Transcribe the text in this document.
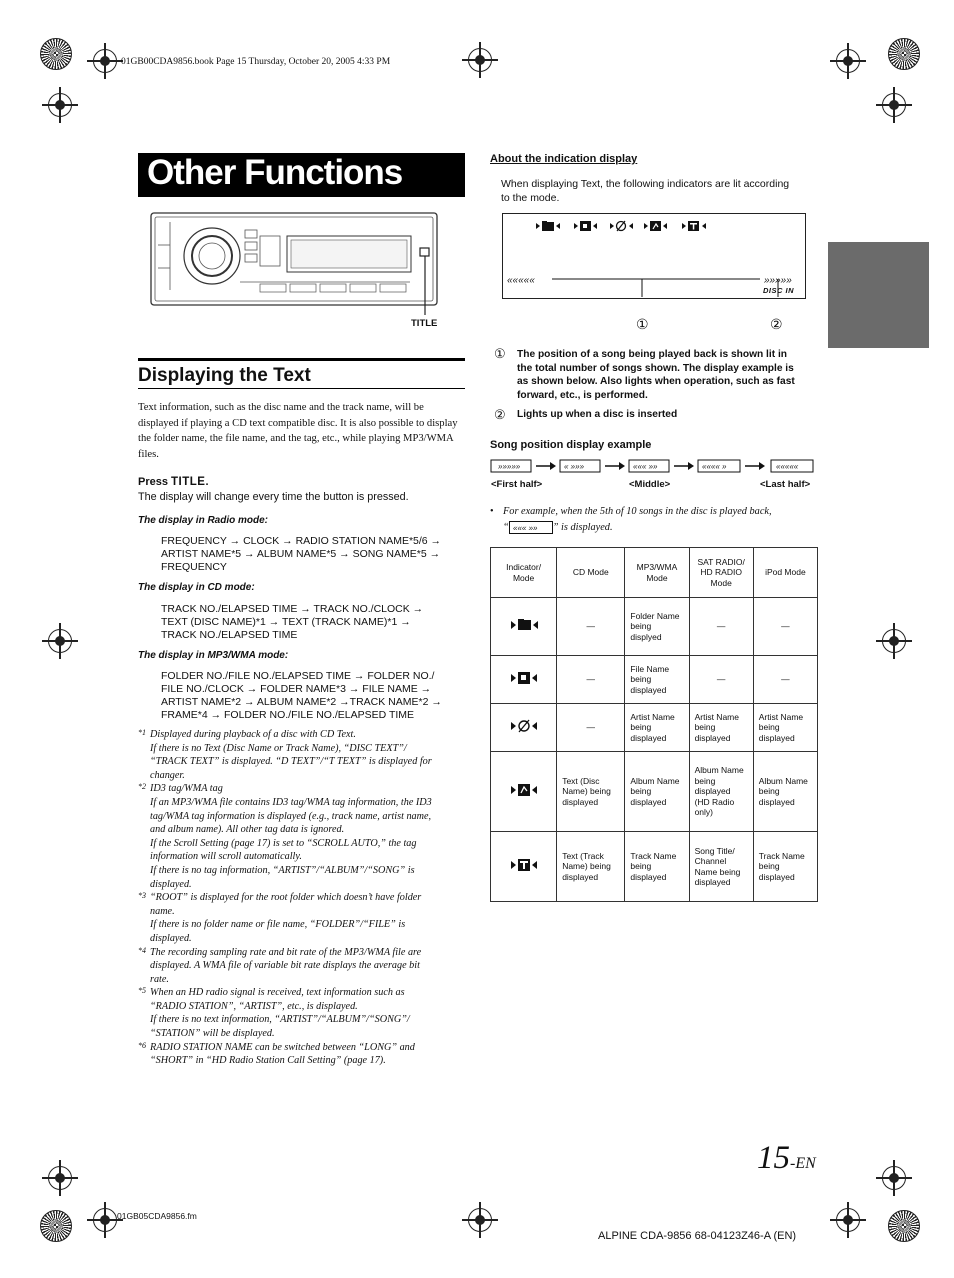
01GB00CDA9856.book Page 15 Thursday, October 20, 2005 4:33 PM
Other Functions
TITLE
Displaying the Text
Text information, such as the disc name and the track name, will be displayed if playing a CD text compatible disc. It is also possible to display the folder name, the file name, and the tag, etc., while playing MP3/WMA files.
Press TITLE.
The display will change every time the button is pressed.
The display in Radio mode:
FREQUENCY → CLOCK → RADIO STATION NAME*5/6 →
ARTIST NAME*5 → ALBUM NAME*5 → SONG NAME*5 →
FREQUENCY
The display in CD mode:
TRACK NO./ELAPSED TIME → TRACK NO./CLOCK →
TEXT (DISC NAME)*1 → TEXT (TRACK NAME)*1 →
TRACK NO./ELAPSED TIME
The display in MP3/WMA mode:
FOLDER NO./FILE NO./ELAPSED TIME → FOLDER NO./
FILE NO./CLOCK → FOLDER NAME*3 → FILE NAME →
ARTIST NAME*2 → ALBUM NAME*2 →TRACK NAME*2 →
FRAME*4 → FOLDER NO./FILE NO./ELAPSED TIME
*1 Displayed during playback of a disc with CD Text.
If there is no Text (Disc Name or Track Name), “DISC TEXT”/
“TRACK TEXT” is displayed. “D TEXT”/“T TEXT” is displayed for
changer.
*2 ID3 tag/WMA tag
If an MP3/WMA file contains ID3 tag/WMA tag information, the ID3
tag/WMA tag information is displayed (e.g., track name, artist name,
and album name). All other tag data is ignored.
If the Scroll Setting (page 17) is set to “SCROLL AUTO,” the tag
information will scroll automatically.
If there is no tag information, “ARTIST”/“ALBUM”/“SONG” is
displayed.
*3 “ROOT” is displayed for the root folder which doesn’t have folder
name.
If there is no folder name or file name, “FOLDER”/“FILE” is
displayed.
*4 The recording sampling rate and bit rate of the MP3/WMA file are
displayed. A WMA file of variable bit rate displays the average bit
rate.
*5 When an HD radio signal is received, text information such as
“RADIO STATION”, “ARTIST”, etc., is displayed.
If there is no text information, “ARTIST”/“ALBUM”/“SONG”/
“STATION” will be displayed.
*6 RADIO STATION NAME can be switched between “LONG” and
“SHORT” in “HD Radio Station Call Setting” (page 17).
About the indication display
When displaying Text, the following indicators are lit according
to the mode.
«««««	»»»»»
DISC IN
①	②
① The position of a song being played back is shown lit in
the total number of songs shown. The display example is
as shown below. Also lights when operation, such as fast
forward, etc., is performed.
② Lights up when a disc is inserted
Song position display example
»»»»»	« »»»	««« »»	«««« »	«««««
<First half>	<Middle>	<Last half>
• For example, when the 5th of 10 songs in the disc is played back,
“ ««« »» ” is displayed.
Indicator/ Mode	CD Mode	MP3/WMA Mode	SAT RADIO/ HD RADIO Mode	iPod Mode
	—	Folder Name being displyed	—	—
	—	File Name being displayed	—	—
	—	Artist Name being displayed	Artist Name being displayed	Artist Name being displayed
	Text (Disc Name) being displayed	Album Name being displayed	Album Name being displayed (HD Radio only)	Album Name being displayed
	Text (Track Name) being displayed	Track Name being displayed	Song Title/ Channel Name being displayed	Track Name being displayed
15-EN
01GB05CDA9856.fm
ALPINE CDA-9856 68-04123Z46-A (EN)
